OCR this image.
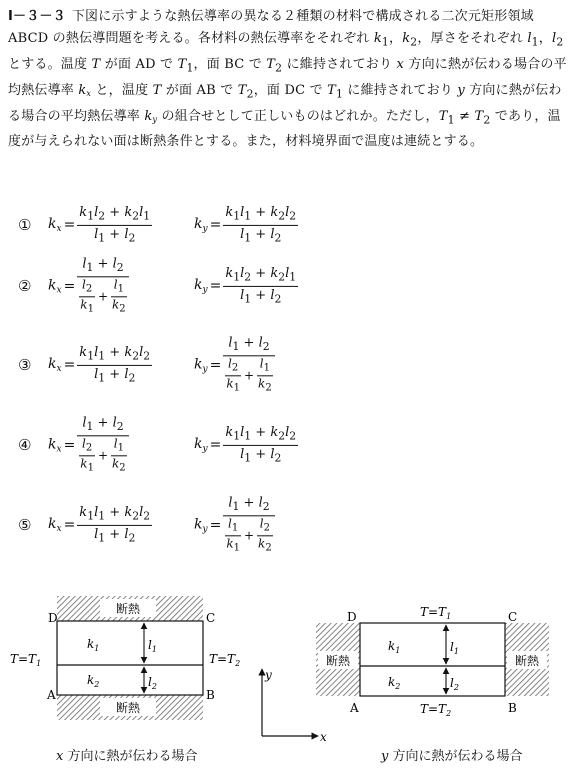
Ⅰ－３－３ 下図に示すような熱伝導率の異なる２種類の材料で構成される二次元矩形領域 ABCD の熱伝導問題を考える。各材料の熱伝導率をそれぞれ $k_1$，$k_2$，厚さをそれぞれ $l_1$，$l_2$ とする。温度 T が面 AD で $T_1$，面 BC で $T_2$ に維持されており x 方向に熱が伝わる場合の平均熱伝導率 $k_x$ と，温度 T が面 AB で $T_2$，面 DC で $T_1$ に維持されており y 方向に熱が伝わる場合の平均熱伝導率 $k_y$ の組合せとして正しいものはどれか。ただし，$T_1 \ne T_2$ であり，温度が与えられない面は断熱条件とする。また，材料境界面で温度は連続とする。
① $k_x = \frac{k_1l_2 + k_2l_1}{l_1 + l_2}$	$k_y = \frac{k_1l_1 + k_2l_2}{l_1 + l_2}$
② $k_x = \frac{l_1 + l_2}{\frac{l_2}{k_1} + \frac{l_1}{k_2}}$	$k_y = \frac{k_1l_2 + k_2l_1}{l_1 + l_2}$
③ $k_x = \frac{k_1l_1 + k_2l_2}{l_1 + l_2}$	$k_y = \frac{l_1 + l_2}{\frac{l_2}{k_1} + \frac{l_1}{k_2}}$
④ $k_x = \frac{l_1 + l_2}{\frac{l_2}{k_1} + \frac{l_1}{k_2}}$	$k_y = \frac{k_1l_1 + k_2l_2}{l_1 + l_2}$
⑤ $k_x = \frac{k_1l_1 + k_2l_2}{l_1 + l_2}$	$k_y = \frac{l_1 + l_2}{\frac{l_1}{k_1} + \frac{l_2}{k_2}}$
断熱
断熱
D	C
A	B
$T=T_1$	$T=T_2$
$k_1$
$k_2$
$l_1$
$l_2$
y
x
断熱	断熱
D	C
A	B
$T=T_1$
$T=T_2$
$k_1$
$k_2$
$l_1$
$l_2$
x 方向に熱が伝わる場合	y 方向に熱が伝わる場合
